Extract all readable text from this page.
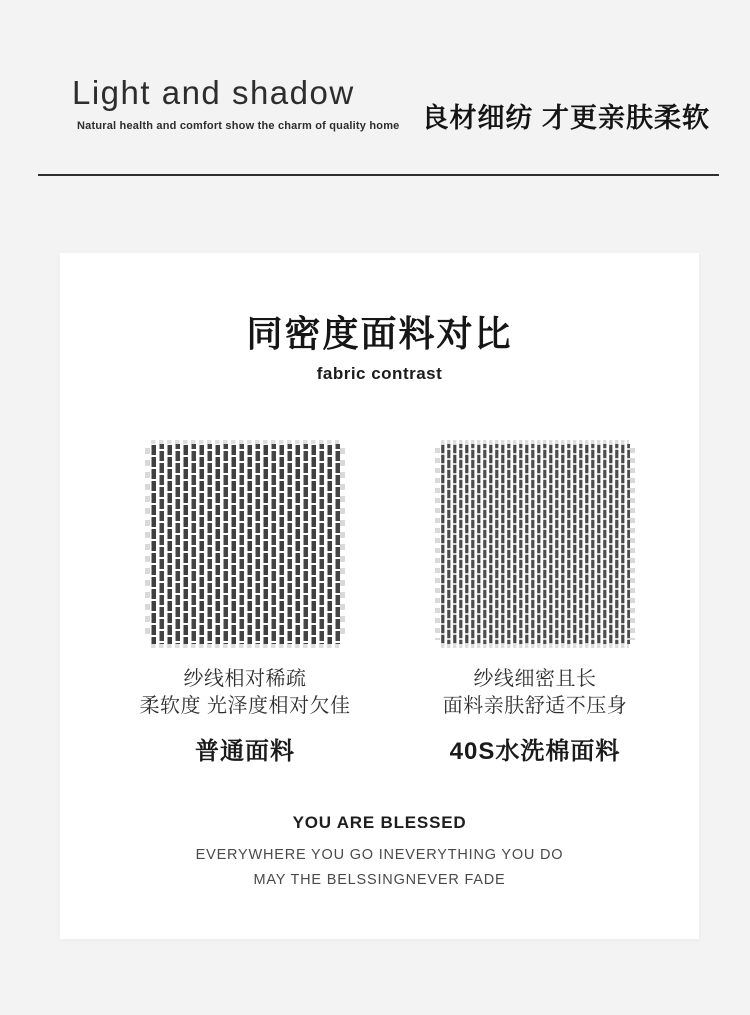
Light and shadow
Natural health and comfort show the charm of quality home 良材细纺 才更亲肤柔软
同密度面料对比
fabric contrast
纱线相对稀疏
柔软度 光泽度相对欠佳
普通面料
纱线细密且长
面料亲肤舒适不压身
40S水洗棉面料
YOU ARE BLESSED
EVERYWHERE YOU GO INEVERYTHING YOU DO
MAY THE BELSSINGNEVER FADE
